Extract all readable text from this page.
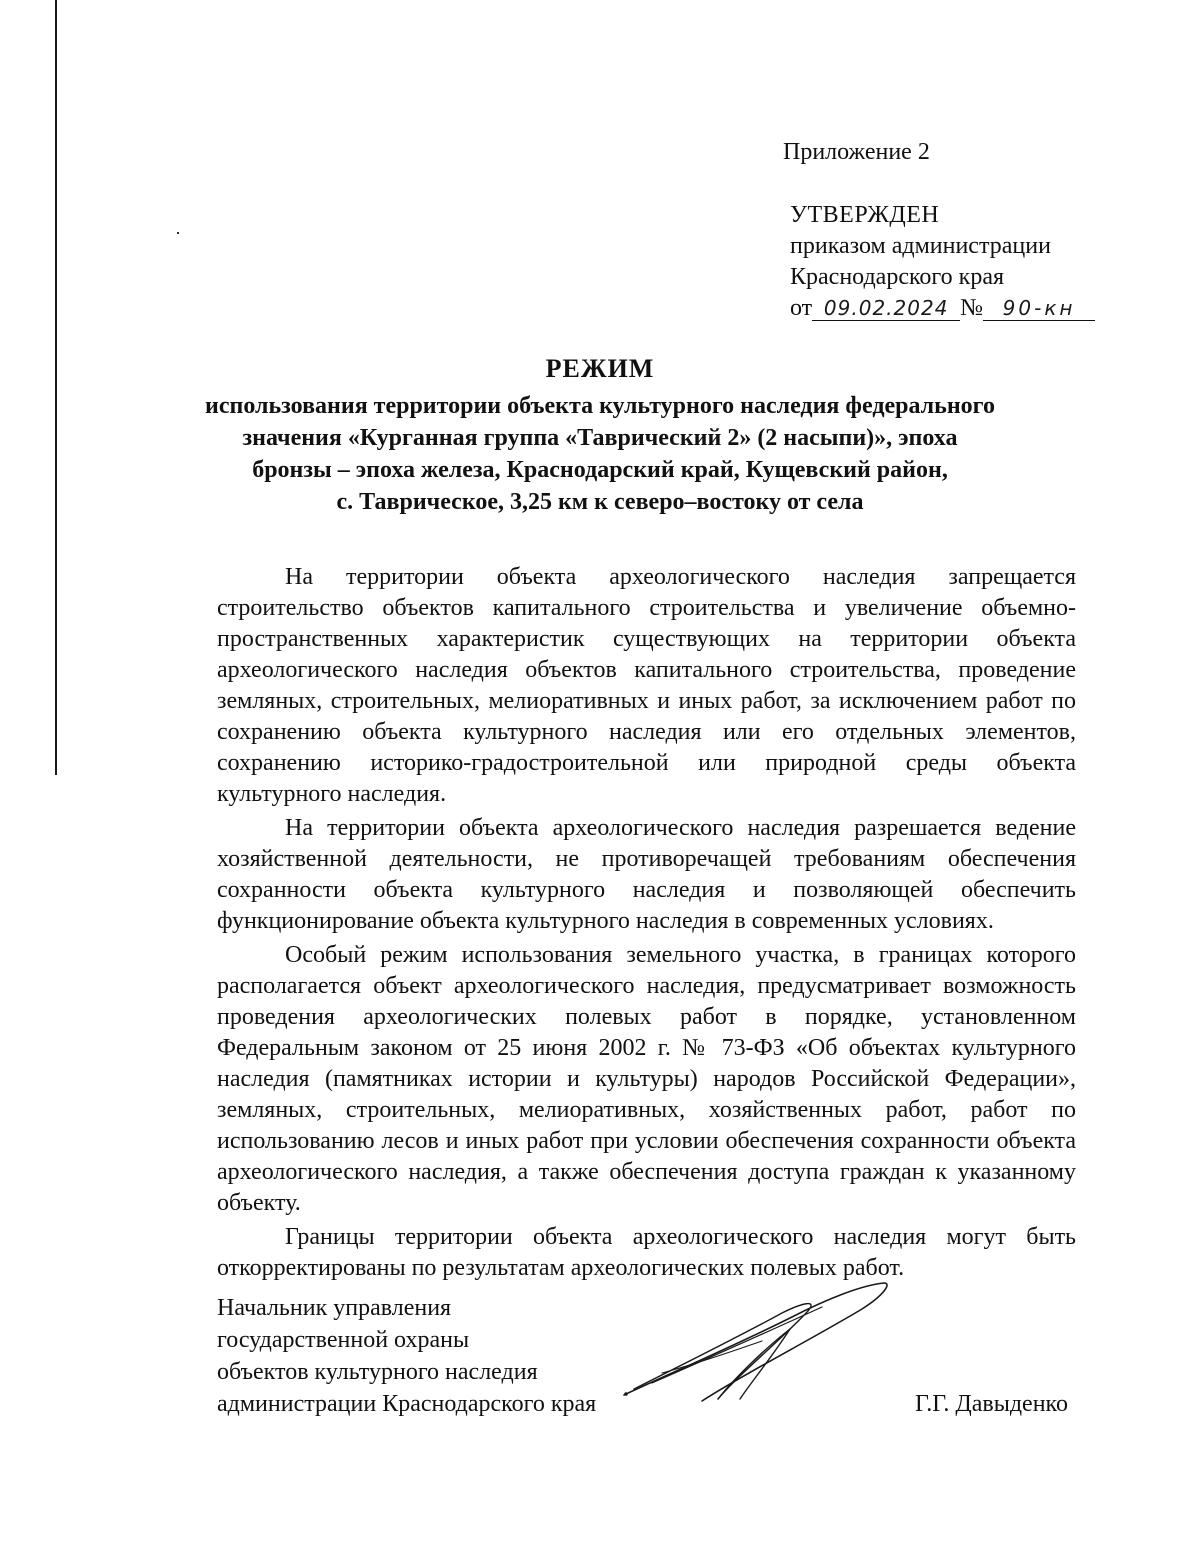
Приложение 2
УТВЕРЖДЕН
приказом администрации
Краснодарского края
от 09.02.2024 № 90-кн
РЕЖИМ
использования территории объекта культурного наследия федерального
значения «Курганная группа «Таврический 2» (2 насыпи)», эпоха
бронзы – эпоха железа, Краснодарский край, Кущевский район,
с. Таврическое, 3,25 км к северо–востоку от села

На территории объекта археологического наследия запрещается строительство объектов капитального строительства и увеличение объемно-пространственных характеристик существующих на территории объекта археологического наследия объектов капитального строительства, проведение земляных, строительных, мелиоративных и иных работ, за исключением работ по сохранению объекта культурного наследия или его отдельных элементов, сохранению историко-градостроительной или природной среды объекта культурного наследия.

На территории объекта археологического наследия разрешается ведение хозяйственной деятельности, не противоречащей требованиям обеспечения сохранности объекта культурного наследия и позволяющей обеспечить функционирование объекта культурного наследия в современных условиях.

Особый режим использования земельного участка, в границах которого располагается объект археологического наследия, предусматривает возможность проведения археологических полевых работ в порядке, установленном Федеральным законом от 25 июня 2002 г. № 73-ФЗ «Об объектах культурного наследия (памятниках истории и культуры) народов Российской Федерации», земляных, строительных, мелиоративных, хозяйственных работ, работ по использованию лесов и иных работ при условии обеспечения сохранности объекта археологического наследия, а также обеспечения доступа граждан к указанному объекту.

Границы территории объекта археологического наследия могут быть откорректированы по результатам археологических полевых работ.

Начальник управления
государственной охраны
объектов культурного наследия
администрации Краснодарского края	Г.Г. Давыденко
